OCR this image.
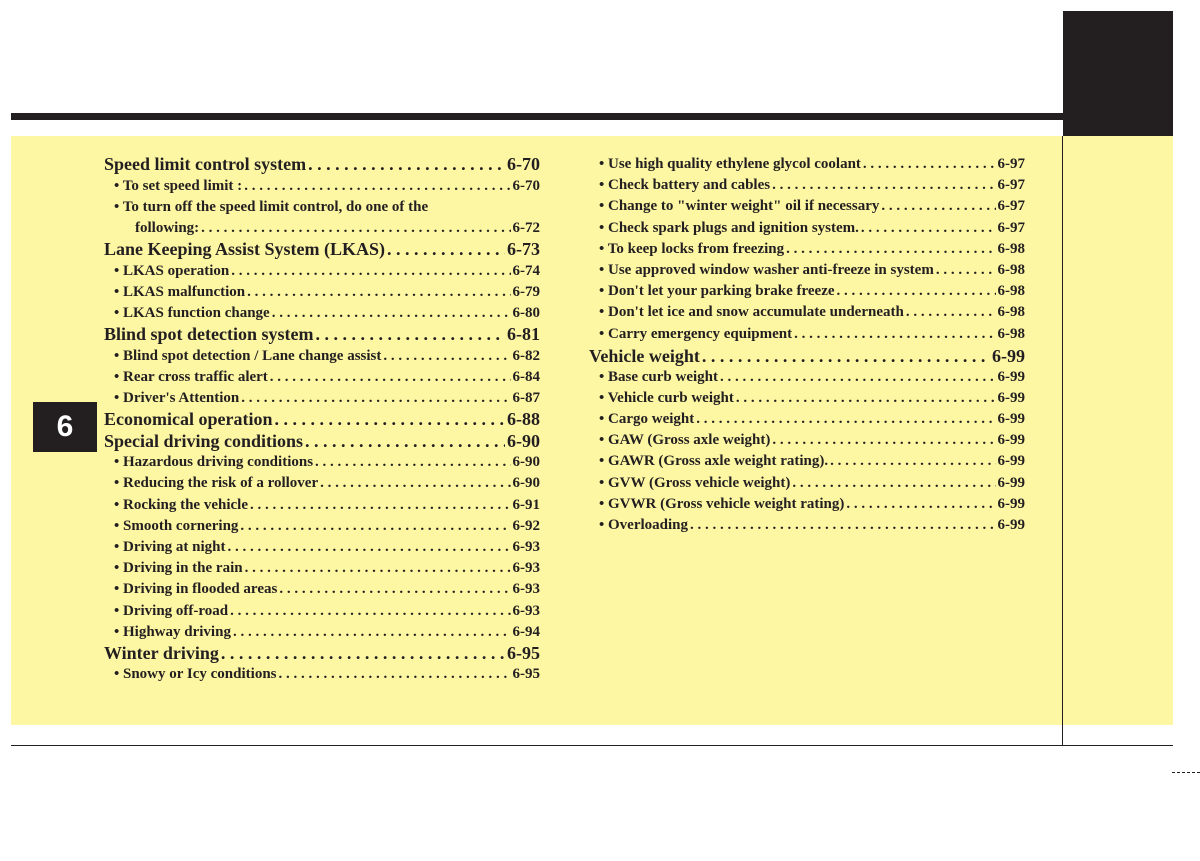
6
Speed limit control system . . .	6-70
• To set speed limit : . . .	6-70
• To turn off the speed limit control, do one of the
following: . . .	6-72
Lane Keeping Assist System (LKAS) . . .	6-73
• LKAS operation . . .	6-74
• LKAS malfunction . . .	6-79
• LKAS function change . . .	6-80
Blind spot detection system . . .	6-81
• Blind spot detection / Lane change assist . . .	6-82
• Rear cross traffic alert . . .	6-84
• Driver's Attention . . .	6-87
Economical operation . . .	6-88
Special driving conditions . . .	6-90
• Hazardous driving conditions . . .	6-90
• Reducing the risk of a rollover . . .	6-90
• Rocking the vehicle . . .	6-91
• Smooth cornering . . .	6-92
• Driving at night . . .	6-93
• Driving in the rain . . .	6-93
• Driving in flooded areas . . .	6-93
• Driving off-road . . .	6-93
• Highway driving . . .	6-94
Winter driving . . .	6-95
• Snowy or Icy conditions . . .	6-95
• Use high quality ethylene glycol coolant . . .	6-97
• Check battery and cables . . .	6-97
• Change to "winter weight" oil if necessary . . .	6-97
• Check spark plugs and ignition system. . . .	6-97
• To keep locks from freezing . . .	6-98
• Use approved window washer anti-freeze in system . . .	6-98
• Don't let your parking brake freeze . . .	6-98
• Don't let ice and snow accumulate underneath . . .	6-98
• Carry emergency equipment . . .	6-98
Vehicle weight . . .	6-99
• Base curb weight . . .	6-99
• Vehicle curb weight . . .	6-99
• Cargo weight . . .	6-99
• GAW (Gross axle weight) . . .	6-99
• GAWR (Gross axle weight rating). . . .	6-99
• GVW (Gross vehicle weight) . . .	6-99
• GVWR (Gross vehicle weight rating) . . .	6-99
• Overloading . . .	6-99
